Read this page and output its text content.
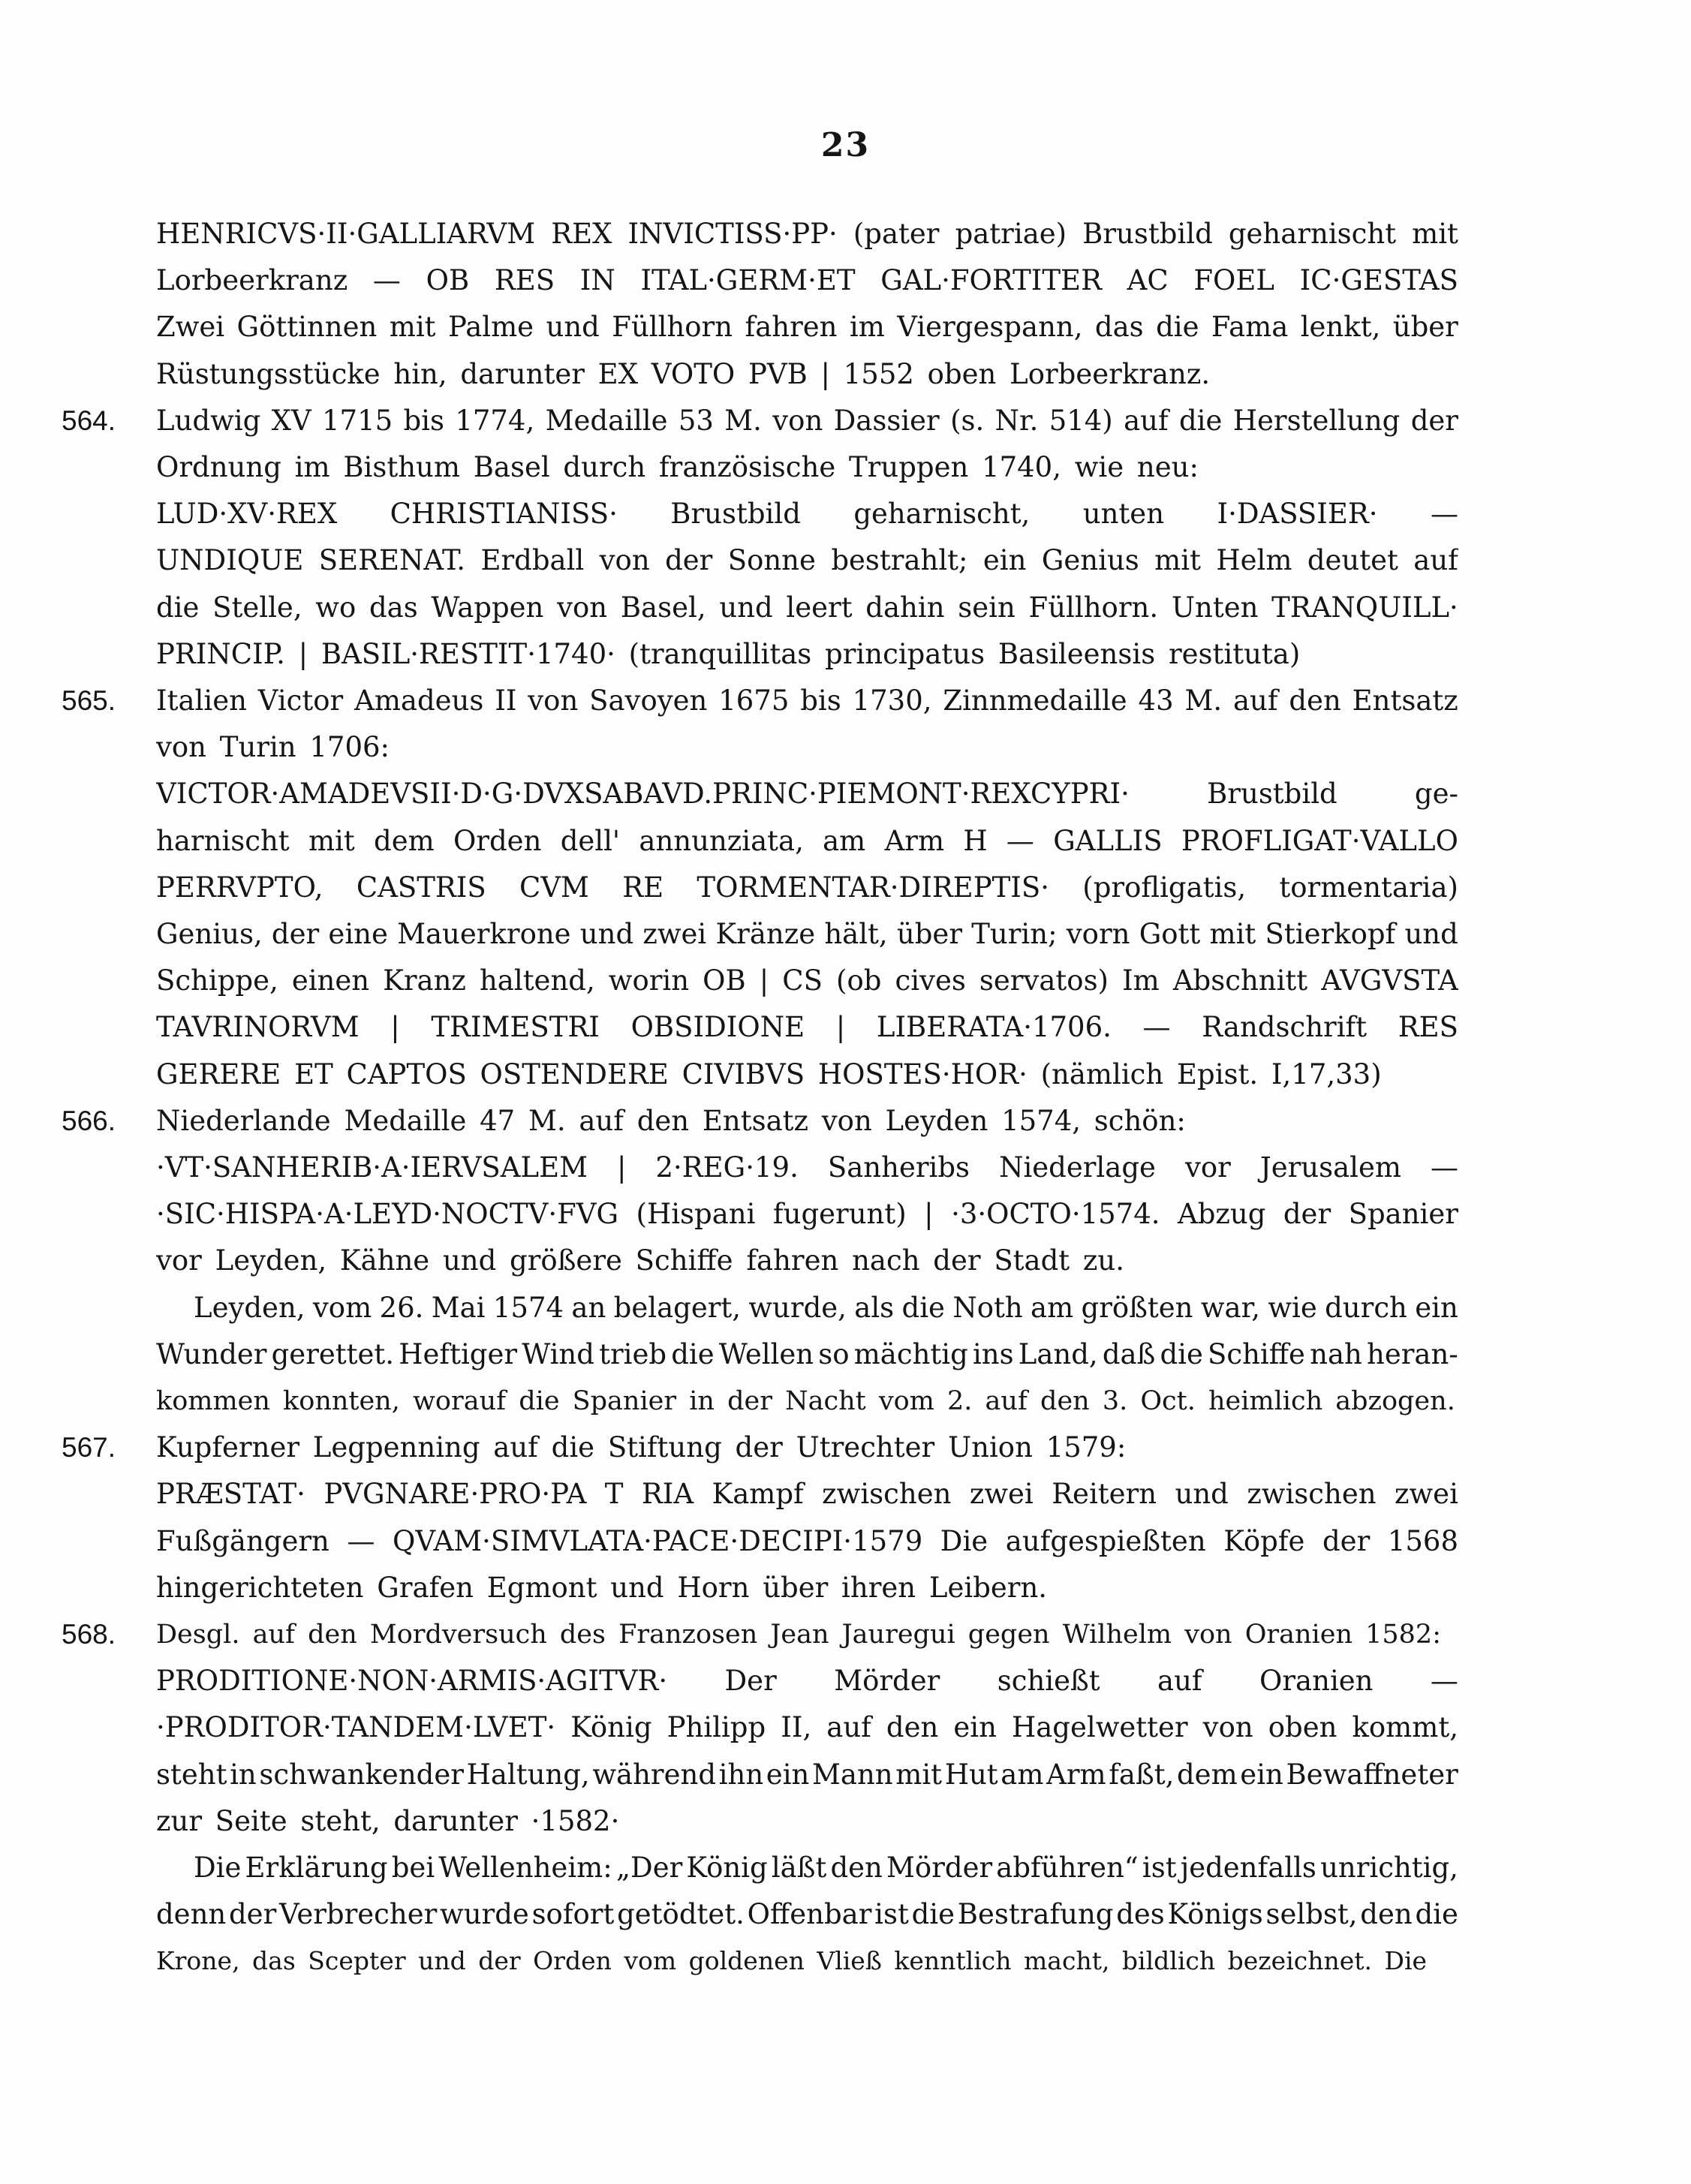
23
HENRICVS·II·GALLIARVM REX INVICTISS·PP· (pater patriae) Brustbild geharnischt mit
Lorbeerkranz — OB RES IN ITAL·GERM·ET GAL·FORTITER AC FOEL IC·GESTAS
Zwei Göttinnen mit Palme und Füllhorn fahren im Viergespann, das die Fama lenkt, über
Rüstungsstücke hin, darunter EX VOTO PVB | 1552 oben Lorbeerkranz.
564.	Ludwig XV 1715 bis 1774, Medaille 53 M. von Dassier (s. Nr. 514) auf die Herstellung der
Ordnung im Bisthum Basel durch französische Truppen 1740, wie neu:
LUD·XV·REX CHRISTIANISS· Brustbild geharnischt, unten I·DASSIER· —
UNDIQUE SERENAT. Erdball von der Sonne bestrahlt; ein Genius mit Helm deutet auf
die Stelle, wo das Wappen von Basel, und leert dahin sein Füllhorn. Unten TRANQUILL·
PRINCIP. | BASIL·RESTIT·1740· (tranquillitas principatus Basileensis restituta)
565.	Italien Victor Amadeus II von Savoyen 1675 bis 1730, Zinnmedaille 43 M. auf den Entsatz
von Turin 1706:
VICTOR·AMADEVSII·D·G·DVXSABAVD.PRINC·PIEMONT·REXCYPRI·	Brustbild	ge-
harnischt mit dem Orden dell' annunziata, am Arm H — GALLIS PROFLIGAT·VALLO
PERRVPTO, CASTRIS CVM RE TORMENTAR·DIREPTIS· (profligatis, tormentaria)
Genius, der eine Mauerkrone und zwei Kränze hält, über Turin; vorn Gott mit Stierkopf und
Schippe, einen Kranz haltend, worin OB | CS (ob cives servatos) Im Abschnitt AVGVSTA
TAVRINORVM | TRIMESTRI OBSIDIONE | LIBERATA·1706. — Randschrift RES
GERERE ET CAPTOS OSTENDERE CIVIBVS HOSTES·HOR· (nämlich Epist. I,17,33)
566.	Niederlande Medaille 47 M. auf den Entsatz von Leyden 1574, schön:
·VT·SANHERIB·A·IERVSALEM | 2·REG·19. Sanheribs Niederlage vor Jerusalem —
·SIC·HISPA·A·LEYD·NOCTV·FVG (Hispani fugerunt) | ·3·OCTO·1574. Abzug der Spanier
vor Leyden, Kähne und größere Schiffe fahren nach der Stadt zu.
Leyden, vom 26. Mai 1574 an belagert, wurde, als die Noth am größten war, wie durch ein
Wunder gerettet. Heftiger Wind trieb die Wellen so mächtig ins Land, daß die Schiffe nah heran-
kommen konnten, worauf die Spanier in der Nacht vom 2. auf den 3. Oct. heimlich abzogen.
567.	Kupferner Legpenning auf die Stiftung der Utrechter Union 1579:
PRÆSTAT· PVGNARE·PRO·PA T RIA Kampf zwischen zwei Reitern und zwischen zwei
Fußgängern — QVAM·SIMVLATA·PACE·DECIPI·1579 Die aufgespießten Köpfe der 1568
hingerichteten Grafen Egmont und Horn über ihren Leibern.
568.	Desgl. auf den Mordversuch des Franzosen Jean Jauregui gegen Wilhelm von Oranien 1582:
PRODITIONE·NON·ARMIS·AGITVR· Der Mörder schießt auf Oranien —
·PRODITOR·TANDEM·LVET· König Philipp II, auf den ein Hagelwetter von oben kommt,
steht in schwankender Haltung, während ihn ein Mann mit Hut am Arm faßt, dem ein Bewaffneter
zur Seite steht, darunter ·1582·
Die Erklärung bei Wellenheim: „Der König läßt den Mörder abführen“ ist jedenfalls unrichtig,
denn der Verbrecher wurde sofort getödtet. Offenbar ist die Bestrafung des Königs selbst, den die
Krone, das Scepter und der Orden vom goldenen Vließ kenntlich macht, bildlich bezeichnet. Die
